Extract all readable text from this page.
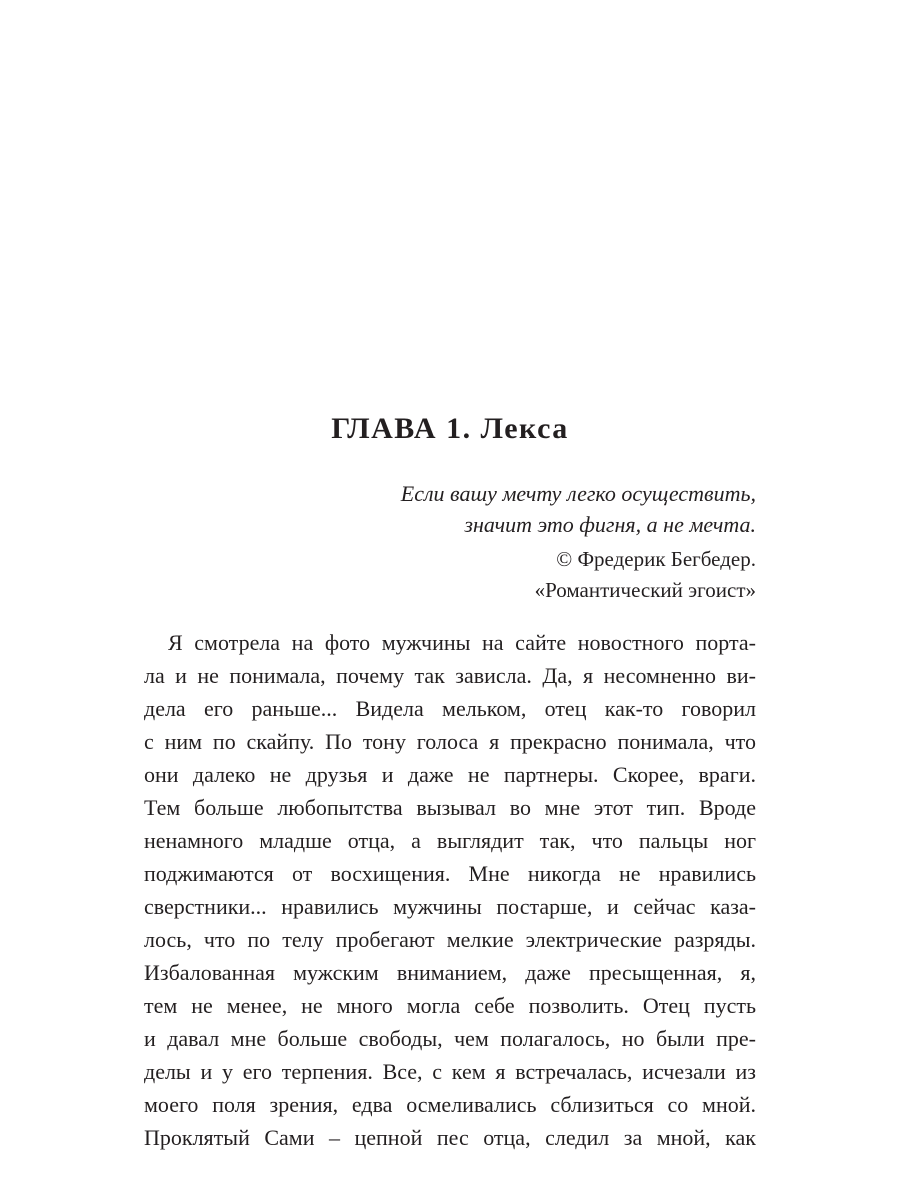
ГЛАВА 1. Лекса
Если вашу мечту легко осуществить,
значит это фигня, а не мечта.
© Фредерик Бегбедер.
«Романтический эгоист»
Я смотрела на фото мужчины на сайте новостного порта-
ла и не понимала, почему так зависла. Да, я несомненно ви-
дела его раньше... Видела мельком, отец как-то говорил
с ним по скайпу. По тону голоса я прекрасно понимала, что
они далеко не друзья и даже не партнеры. Скорее, враги.
Тем больше любопытства вызывал во мне этот тип. Вроде
ненамного младше отца, а выглядит так, что пальцы ног
поджимаются от восхищения. Мне никогда не нравились
сверстники... нравились мужчины постарше, и сейчас каза-
лось, что по телу пробегают мелкие электрические разряды.
Избалованная мужским вниманием, даже пресыщенная, я,
тем не менее, не много могла себе позволить. Отец пусть
и давал мне больше свободы, чем полагалось, но были пре-
делы и у его терпения. Все, с кем я встречалась, исчезали из
моего поля зрения, едва осмеливались сблизиться со мной.
Проклятый Сами – цепной пес отца, следил за мной, как
